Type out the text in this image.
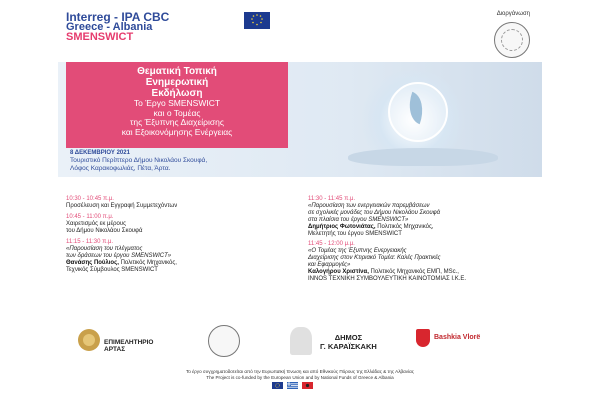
Interreg - IPA CBC
Greece - Albania
SMENSWICT
Διοργάνωση
Θεματική Τοπική
Ενημερωτική
Εκδήλωση
Το Έργο SMENSWICT
και ο Τομέας
της Έξυπνης Διαχείρισης
και Εξοικονόμησης Ενέργειας
8 ΔΕΚΕΜΒΡΙΟΥ 2021
Τουριστικό Περίπτερο Δήμου Νικολάου Σκουφά,
Λόφος Καρακοφωλιάς, Πέτα, Άρτα.
10:30 - 10:45 π.μ.
Προσέλευση και Εγγραφή Συμμετεχόντων
10:45 - 11:00 π.μ.
Χαιρετισμός εκ μέρους
του Δήμου Νικολάου Σκουφά
11:15 - 11:30 π.μ.
«Παρουσίαση του πλέγματος
των δράσεων του έργου SMENSWICT»
Θανάσης Πούλιος, Πολιτικός Μηχανικός,
Τεχνικός Σύμβουλος SMENSWICT
11:30 - 11:45 π.μ.
«Παρουσίαση των ενεργειακών παρεμβάσεων
σε σχολικές μονάδες του Δήμου Νικολάου Σκουφά
στα πλαίσια του έργου SMENSWICT»
Δημήτριος Φωτονιάτας, Πολιτικός Μηχανικός,
Μελετητής του έργου SMENSWICT
11:45 - 12:00 μ.μ.
«Ο Τομέας της Έξυπνης Ενεργειακής
Διαχείρισης στον Κτιριακό Τομέα: Καλές Πρακτικές
και Εφαρμογές»
Καλογήρου Χριστίνα, Πολιτικός Μηχανικός ΕΜΠ, MSc.,
INNOS ΤΕΧΝΙΚΗ ΣΥΜΒΟΥΛΕΥΤΙΚΗ ΚΑΙΝΟΤΟΜΙΑΣ Ι.Κ.Ε.
ΕΠΙΜΕΛΗΤΗΡΙΟ
ΑΡΤΑΣ
ΔΗΜΟΣ
Γ. ΚΑΡΑΪΣΚΑΚΗ
Bashkia Vlorë
Το έργο συγχρηματοδοτείται από την Ευρωπαϊκή Ένωση και από Εθνικούς Πόρους της Ελλάδας & της Αλβανίας
The Project is co-funded by the European Union and by National Funds of Greece & Albania
